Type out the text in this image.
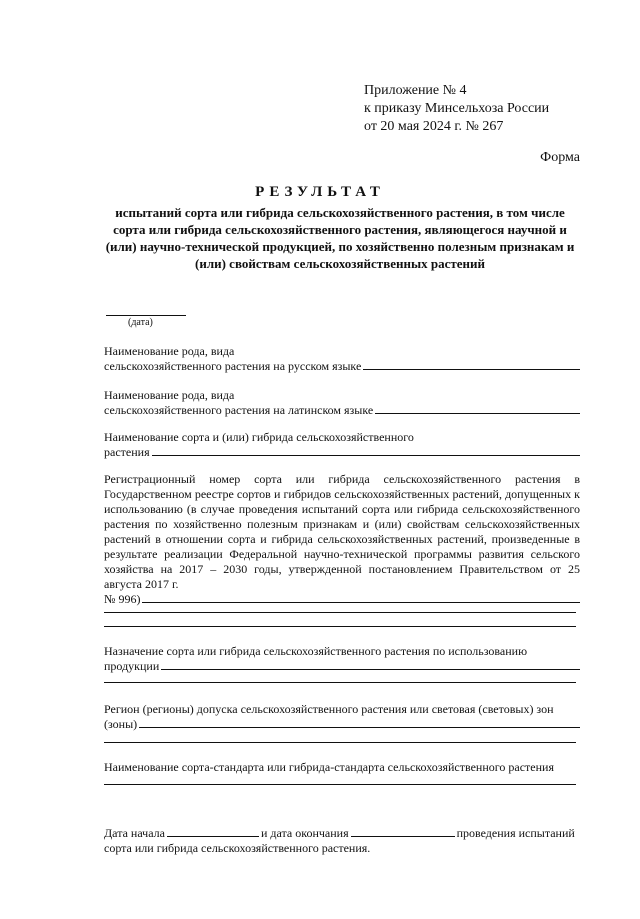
Приложение № 4
к приказу Минсельхоза России
от 20 мая 2024 г. № 267
Форма
РЕЗУЛЬТАТ
испытаний сорта или гибрида сельскохозяйственного растения, в том числе сорта или гибрида сельскохозяйственного растения, являющегося научной и (или) научно-технической продукцией, по хозяйственно полезным признакам и (или) свойствам сельскохозяйственных растений
(дата)
Наименование рода, вида
сельскохозяйственного растения на русском языке
Наименование рода, вида
сельскохозяйственного растения на латинском языке
Наименование сорта и (или) гибрида сельскохозяйственного
растения
Регистрационный номер сорта или гибрида сельскохозяйственного растения в Государственном реестре сортов и гибридов сельскохозяйственных растений, допущенных к использованию (в случае проведения испытаний сорта или гибрида сельскохозяйственного растения по хозяйственно полезным признакам и (или) свойствам сельскохозяйственных растений в отношении сорта и гибрида сельскохозяйственных растений, произведенные в результате реализации Федеральной научно-технической программы развития сельского хозяйства на 2017 – 2030 годы, утвержденной постановлением Правительством от 25 августа 2017 г.
№ 996)
Назначение сорта или гибрида сельскохозяйственного растения по использованию
продукции
Регион (регионы) допуска сельскохозяйственного растения или световая (световых) зон
(зоны)
Наименование сорта-стандарта или гибрида-стандарта сельскохозяйственного растения
Дата начала	и дата окончания	проведения испытаний
сорта или гибрида сельскохозяйственного растения.
